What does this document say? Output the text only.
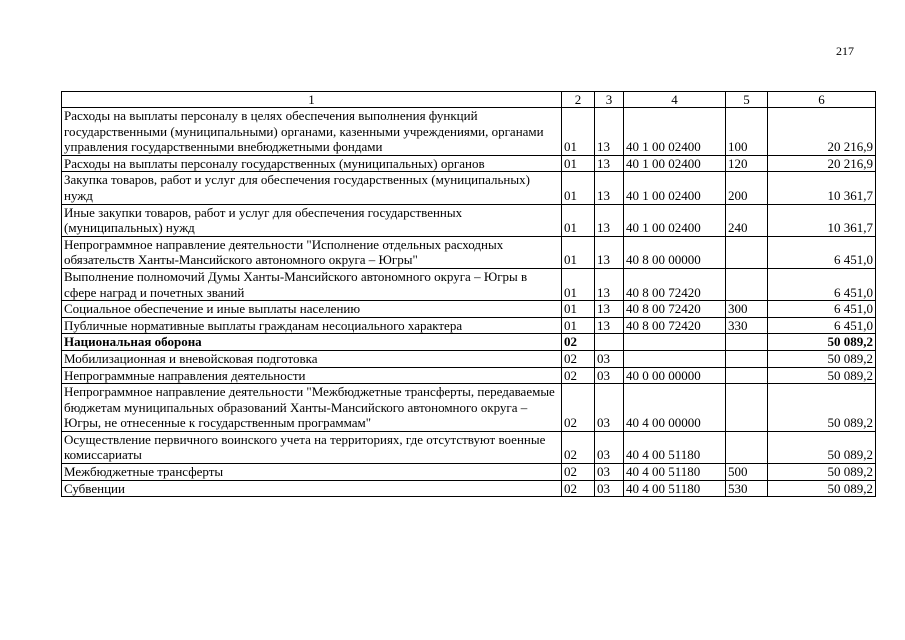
217
1	2	3	4	5	6
Расходы на выплаты персоналу в целях обеспечения выполнения функций государственными (муниципальными) органами, казенными учреждениями, органами управления государственными внебюджетными фондами	01	13	40 1 00 02400	100	20 216,9
Расходы на выплаты персоналу государственных (муниципальных) органов	01	13	40 1 00 02400	120	20 216,9
Закупка товаров, работ и услуг для обеспечения государственных (муниципальных) нужд	01	13	40 1 00 02400	200	10 361,7
Иные закупки товаров, работ и услуг для обеспечения государственных (муниципальных) нужд	01	13	40 1 00 02400	240	10 361,7
Непрограммное направление деятельности "Исполнение отдельных расходных обязательств Ханты-Мансийского автономного округа – Югры"	01	13	40 8 00 00000		6 451,0
Выполнение полномочий Думы Ханты-Мансийского автономного округа – Югры в сфере наград и почетных званий	01	13	40 8 00 72420		6 451,0
Социальное обеспечение и иные выплаты населению	01	13	40 8 00 72420	300	6 451,0
Публичные нормативные выплаты гражданам несоциального характера	01	13	40 8 00 72420	330	6 451,0
Национальная оборона	02				50 089,2
Мобилизационная и вневойсковая подготовка	02	03			50 089,2
Непрограммные направления деятельности	02	03	40 0 00 00000		50 089,2
Непрограммное направление деятельности "Межбюджетные трансферты, передаваемые бюджетам муниципальных образований Ханты-Мансийского автономного округа – Югры, не отнесенные к государственным программам"	02	03	40 4 00 00000		50 089,2
Осуществление первичного воинского учета на территориях, где отсутствуют военные комиссариаты	02	03	40 4 00 51180		50 089,2
Межбюджетные трансферты	02	03	40 4 00 51180	500	50 089,2
Субвенции	02	03	40 4 00 51180	530	50 089,2
